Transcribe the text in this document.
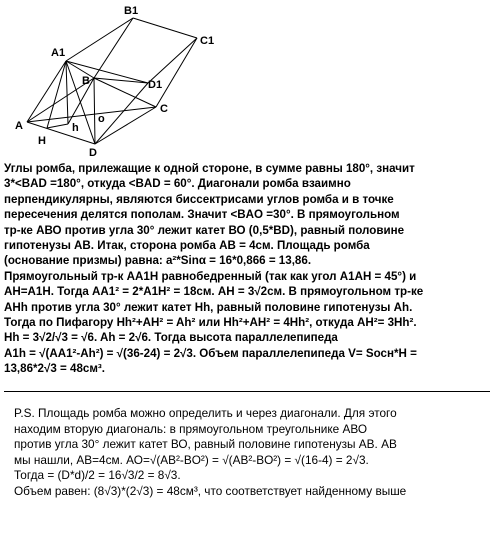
B1
A1
C1
D1
B
C
A
H
h
o
D

Углы ромба, прилежащие к одной стороне, в сумме равны 180°, значит
3*<BAD =180°, откуда <BAD = 60°. Диагонали ромба взаимно
перпендикулярны, являются биссектрисами углов ромба и в точке
пересечения делятся пополам. Значит <BAO =30°. В прямоугольном
тр-ке АВО против угла 30° лежит катет ВО (0,5*BD), равный половине
гипотенузы АВ. Итак, сторона ромба АВ = 4см. Площадь ромба
(основание призмы) равна: a²*Sinα = 16*0,866 = 13,86.
Прямоугольный тр-к АА1Н равнобедренный (так как угол А1АН = 45°) и
АН=А1Н. Тогда АА1² = 2*А1Н² = 18см. АН = 3√2см. В прямоугольном тр-ке
AHh против угла 30° лежит катет Hh, равный половине гипотенузы Ah.
Тогда по Пифагору Hh²+AH² = Ah² или Hh²+AH² = 4Hh², откуда AH²= 3Hh².
Hh = 3√2/√3 = √6. Ah = 2√6. Тогда высота параллелепипеда
A1h = √(АА1²-Ah²) = √(36-24) = 2√3. Объем параллелепипеда V= Sосн*H =
13,86*2√3 = 48см³.

P.S. Площадь ромба можно определить и через диагонали. Для этого
находим вторую диагональ: в прямоугольном треугольнике АВО
против угла 30° лежит катет ВО, равный половине гипотенузы АВ. АВ
мы нашли, АВ=4см. АО=√(AB²-BO²) = √(AB²-BO²) = √(16-4) = 2√3.
Тогда = (D*d)/2 = 16√3/2 = 8√3.
Объем равен: (8√3)*(2√3) = 48см³, что соответствует найденному выше
